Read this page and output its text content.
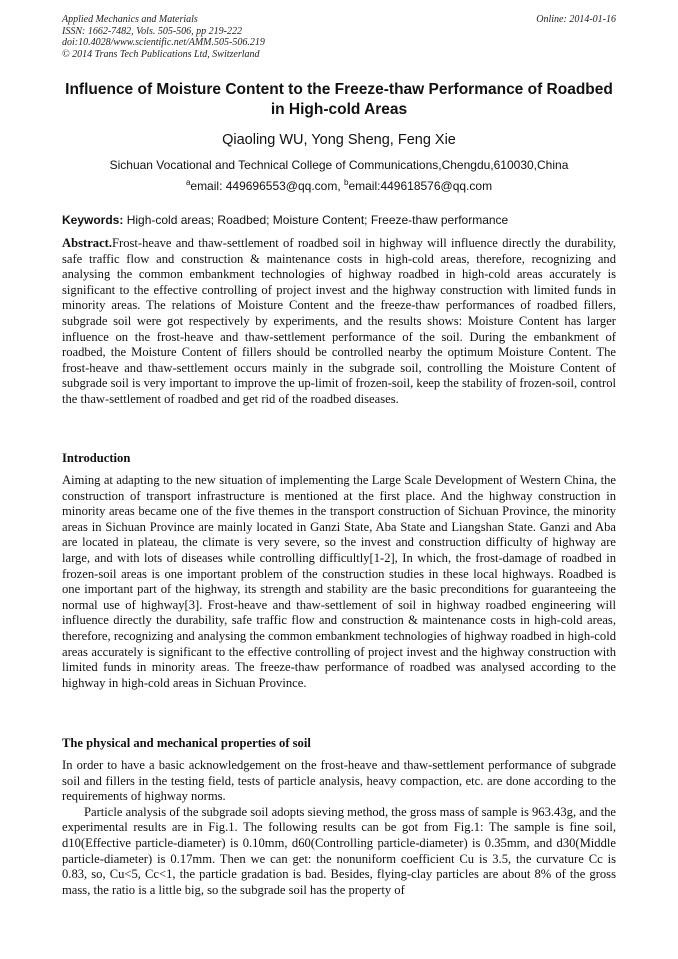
Applied Mechanics and Materials
ISSN: 1662-7482, Vols. 505-506, pp 219-222
doi:10.4028/www.scientific.net/AMM.505-506.219
© 2014 Trans Tech Publications Ltd, Switzerland
Online: 2014-01-16
Influence of Moisture Content to the Freeze-thaw Performance of Roadbed in High-cold Areas
Qiaoling WU, Yong Sheng, Feng Xie
Sichuan Vocational and Technical College of Communications,Chengdu,610030,China
$^a$email: 449696553@qq.com, $^b$email:449618576@qq.com
Keywords: High-cold areas; Roadbed; Moisture Content; Freeze-thaw performance
Abstract.Frost-heave and thaw-settlement of roadbed soil in highway will influence directly the durability, safe traffic flow and construction & maintenance costs in high-cold areas, therefore, recognizing and analysing the common embankment technologies of highway roadbed in high-cold areas accurately is significant to the effective controlling of project invest and the highway construction with limited funds in minority areas. The relations of Moisture Content and the freeze-thaw performances of roadbed fillers, subgrade soil were got respectively by experiments, and the results shows: Moisture Content has larger influence on the frost-heave and thaw-settlement performance of the soil. During the embankment of roadbed, the Moisture Content of fillers should be controlled nearby the optimum Moisture Content. The frost-heave and thaw-settlement occurs mainly in the subgrade soil, controlling the Moisture Content of subgrade soil is very important to improve the up-limit of frozen-soil, keep the stability of frozen-soil, control the thaw-settlement of roadbed and get rid of the roadbed diseases.
Introduction
Aiming at adapting to the new situation of implementing the Large Scale Development of Western China, the construction of transport infrastructure is mentioned at the first place. And the highway construction in minority areas became one of the five themes in the transport construction of Sichuan Province, the minority areas in Sichuan Province are mainly located in Ganzi State, Aba State and Liangshan State. Ganzi and Aba are located in plateau, the climate is very severe, so the invest and construction difficulty of highway are large, and with lots of diseases while controlling difficultly[1-2], In which, the frost-damage of roadbed in frozen-soil areas is one important problem of the construction studies in these local highways. Roadbed is one important part of the highway, its strength and stability are the basic preconditions for guaranteeing the normal use of highway[3]. Frost-heave and thaw-settlement of soil in highway roadbed engineering will influence directly the durability, safe traffic flow and construction & maintenance costs in high-cold areas, therefore, recognizing and analysing the common embankment technologies of highway roadbed in high-cold areas accurately is significant to the effective controlling of project invest and the highway construction with limited funds in minority areas. The freeze-thaw performance of roadbed was analysed according to the highway in high-cold areas in Sichuan Province.
The physical and mechanical properties of soil
In order to have a basic acknowledgement on the frost-heave and thaw-settlement performance of subgrade soil and fillers in the testing field, tests of particle analysis, heavy compaction, etc. are done according to the requirements of highway norms.
Particle analysis of the subgrade soil adopts sieving method, the gross mass of sample is 963.43g, and the experimental results are in Fig.1. The following results can be got from Fig.1: The sample is fine soil, d10(Effective particle-diameter) is 0.10mm, d60(Controlling particle-diameter) is 0.35mm, and d30(Middle particle-diameter) is 0.17mm. Then we can get: the nonuniform coefficient Cu is 3.5, the curvature Cc is 0.83, so, Cu<5, Cc<1, the particle gradation is bad. Besides, flying-clay particles are about 8% of the gross mass, the ratio is a little big, so the subgrade soil has the property of
